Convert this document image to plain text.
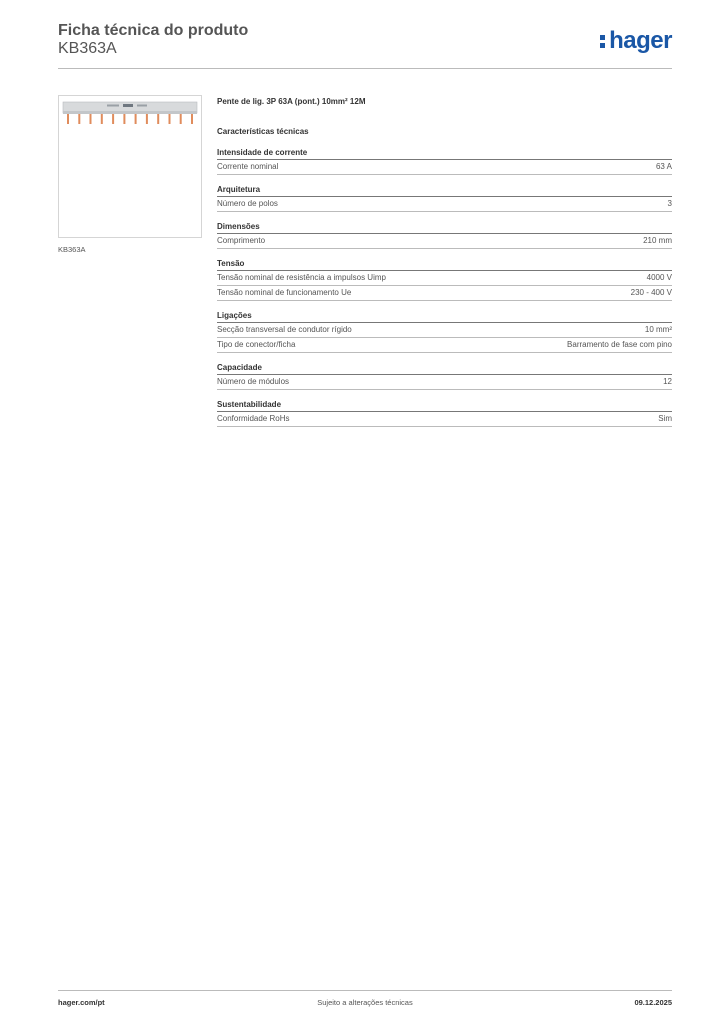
Ficha técnica do produto
KB363A	hager
KB363A
Pente de lig. 3P 63A (pont.) 10mm² 12M
Características técnicas
Intensidade de corrente
Corrente nominal	63 A
Arquitetura
Número de polos	3
Dimensões
Comprimento	210 mm
Tensão
Tensão nominal de resistência a impulsos Uimp	4000 V
Tensão nominal de funcionamento Ue	230 - 400 V
Ligações
Secção transversal de condutor rígido	10 mm²
Tipo de conector/ficha	Barramento de fase com pino
Capacidade
Número de módulos	12
Sustentabilidade
Conformidade RoHs	Sim
hager.com/pt	Sujeito a alterações técnicas	09.12.2025
